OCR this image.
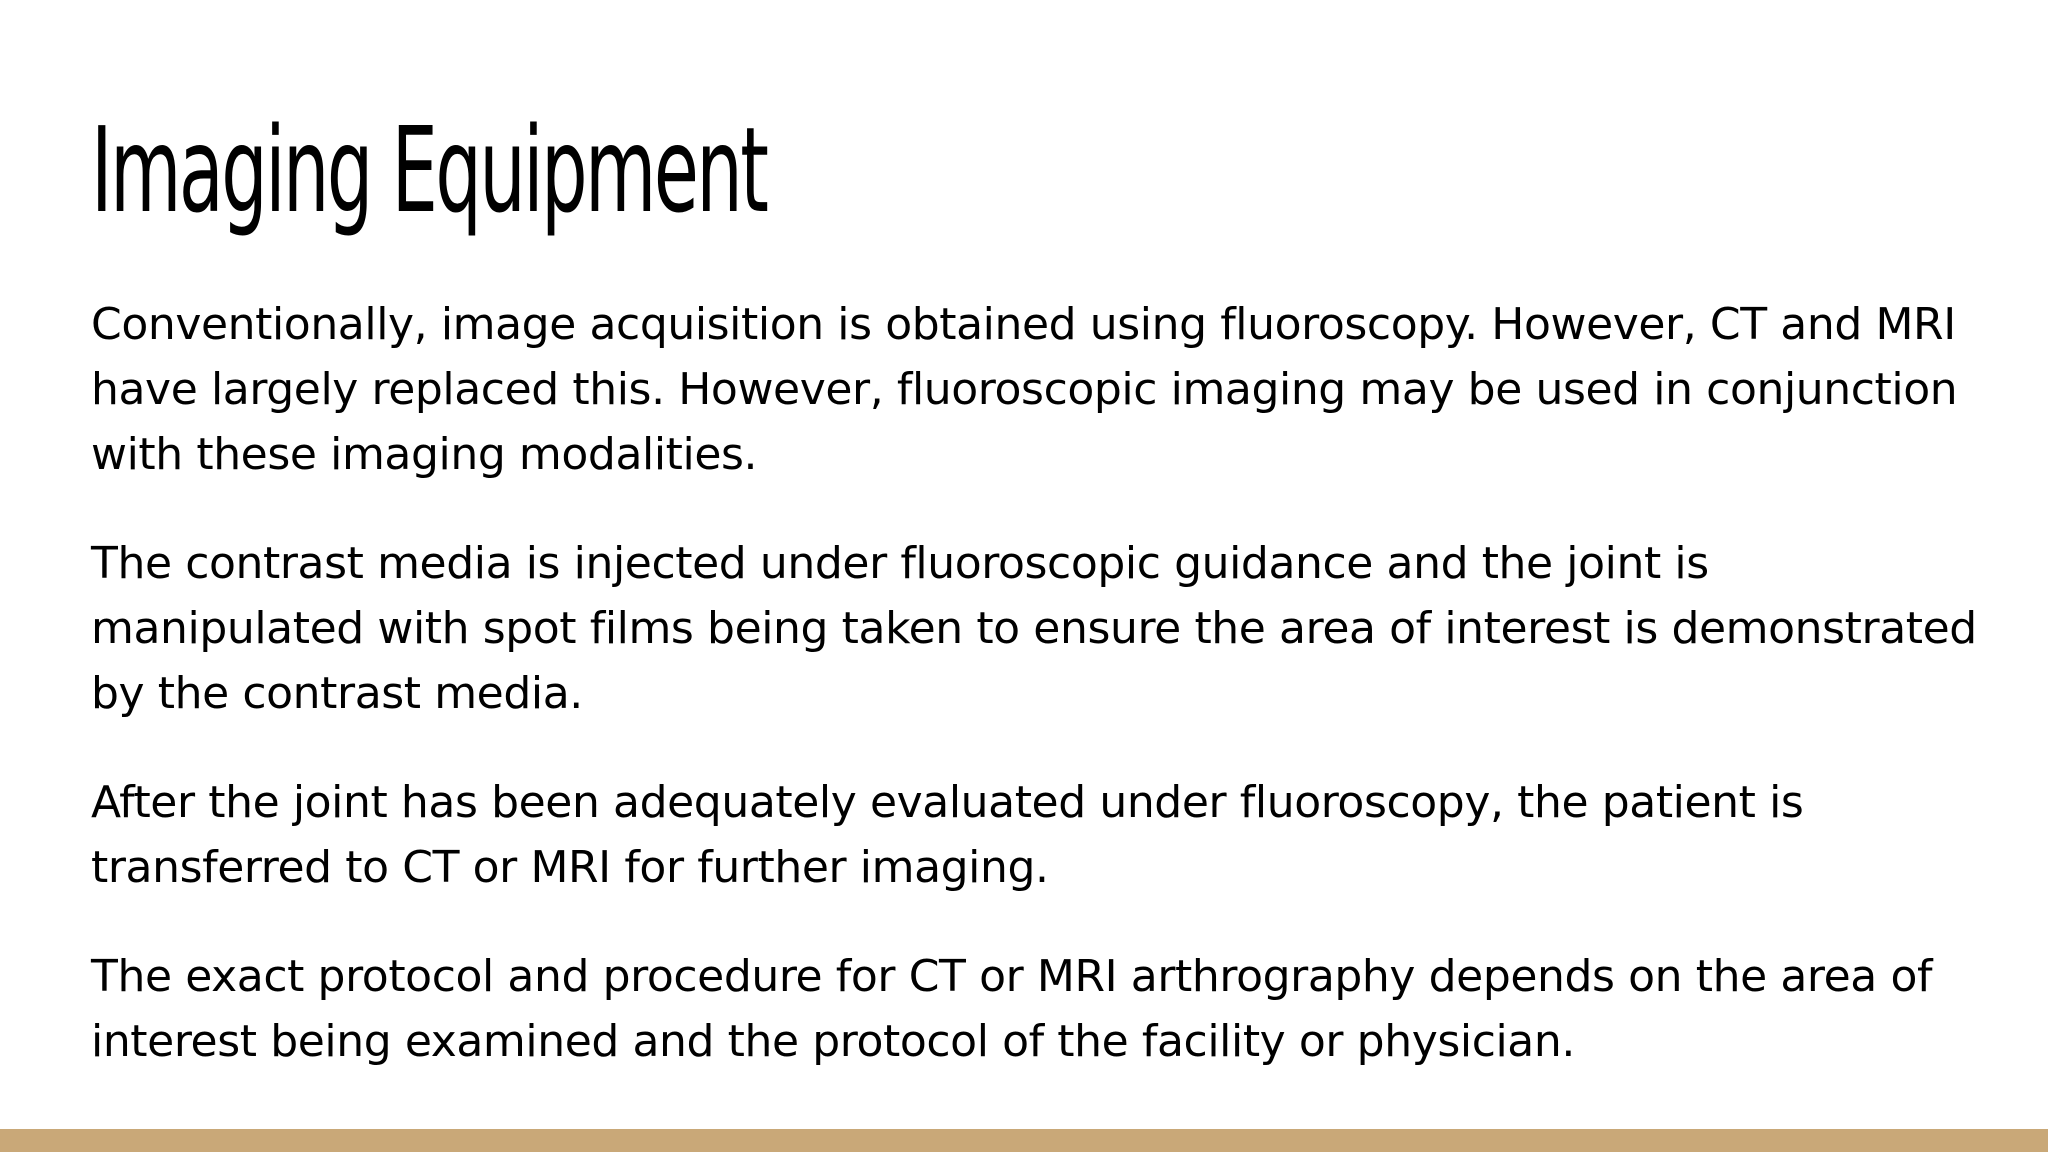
Imaging Equipment

Conventionally, image acquisition is obtained using fluoroscopy. However, CT and MRI have largely replaced this. However, fluoroscopic imaging may be used in conjunction with these imaging modalities.

The contrast media is injected under fluoroscopic guidance and the joint is manipulated with spot films being taken to ensure the area of interest is demonstrated by the contrast media.

After the joint has been adequately evaluated under fluoroscopy, the patient is transferred to CT or MRI for further imaging.

The exact protocol and procedure for CT or MRI arthrography depends on the area of interest being examined and the protocol of the facility or physician.
